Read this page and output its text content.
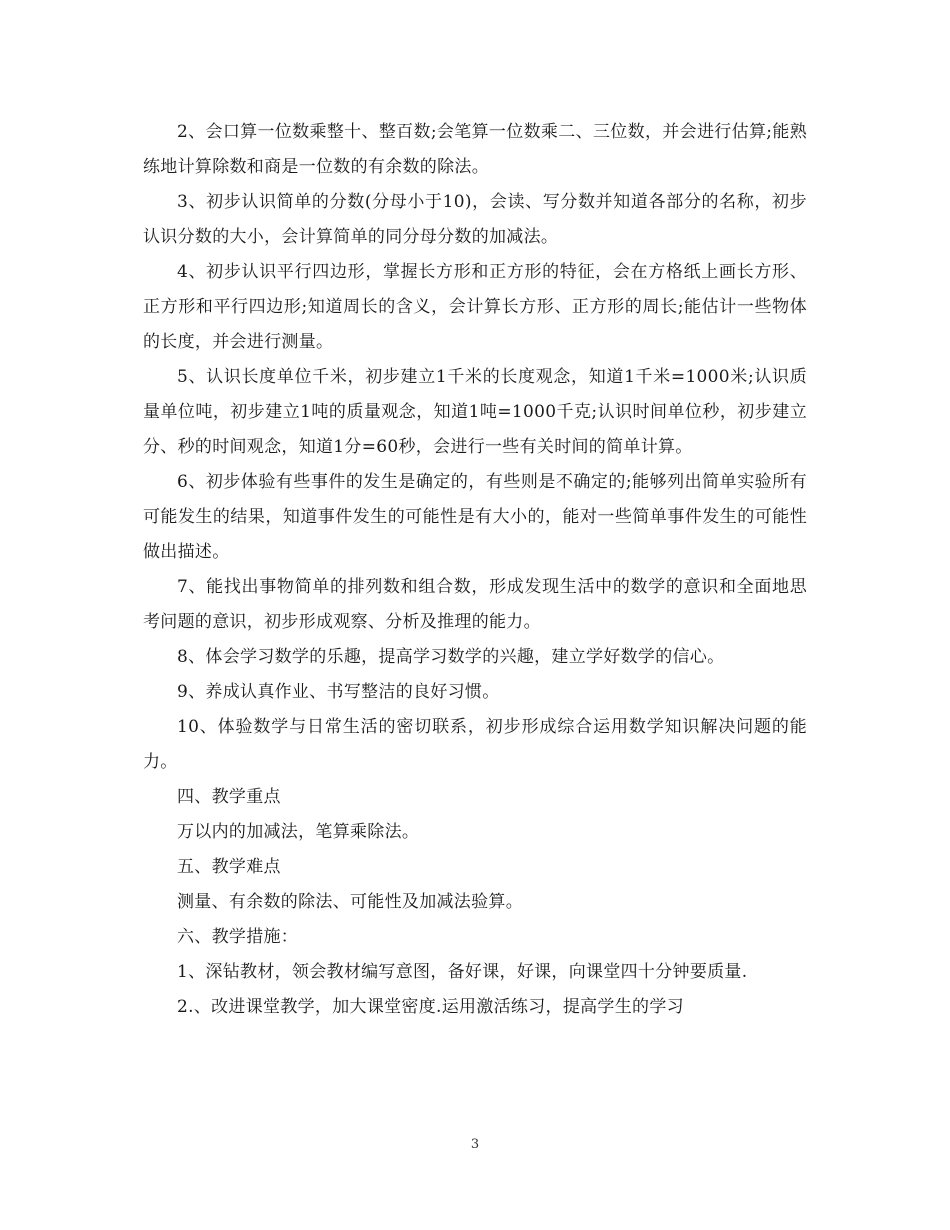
2、会口算一位数乘整十、整百数;会笔算一位数乘二、三位数，并会进行估算;能熟练地计算除数和商是一位数的有余数的除法。

3、初步认识简单的分数(分母小于10)，会读、写分数并知道各部分的名称，初步认识分数的大小，会计算简单的同分母分数的加减法。

4、初步认识平行四边形，掌握长方形和正方形的特征，会在方格纸上画长方形、 正方形和平行四边形;知道周长的含义，会计算长方形、正方形的周长;能估计一些物体的长度，并会进行测量。

5、认识长度单位千米，初步建立1千米的长度观念，知道1千米=1000米;认识质量单位吨，初步建立1吨的质量观念，知道1吨=1000千克;认识时间单位秒，初步建立分、秒的时间观念，知道1分=60秒，会进行一些有关时间的简单计算。

6、初步体验有些事件的发生是确定的，有些则是不确定的;能够列出简单实验所有可能发生的结果，知道事件发生的可能性是有大小的，能对一些简单事件发生的可能性做出描述。

7、能找出事物简单的排列数和组合数，形成发现生活中的数学的意识和全面地思考问题的意识，初步形成观察、分析及推理的能力。

8、体会学习数学的乐趣，提高学习数学的兴趣，建立学好数学的信心。

9、养成认真作业、书写整洁的良好习惯。

10、体验数学与日常生活的密切联系，初步形成综合运用数学知识解决问题的能力。

四、教学重点

万以内的加减法，笔算乘除法。

五、教学难点

测量、有余数的除法、可能性及加减法验算。

六、教学措施：

1、深钻教材，领会教材编写意图，备好课，好课，向课堂四十分钟要质量.

2.、改进课堂教学，加大课堂密度.运用激活练习，提高学生的学习

3
